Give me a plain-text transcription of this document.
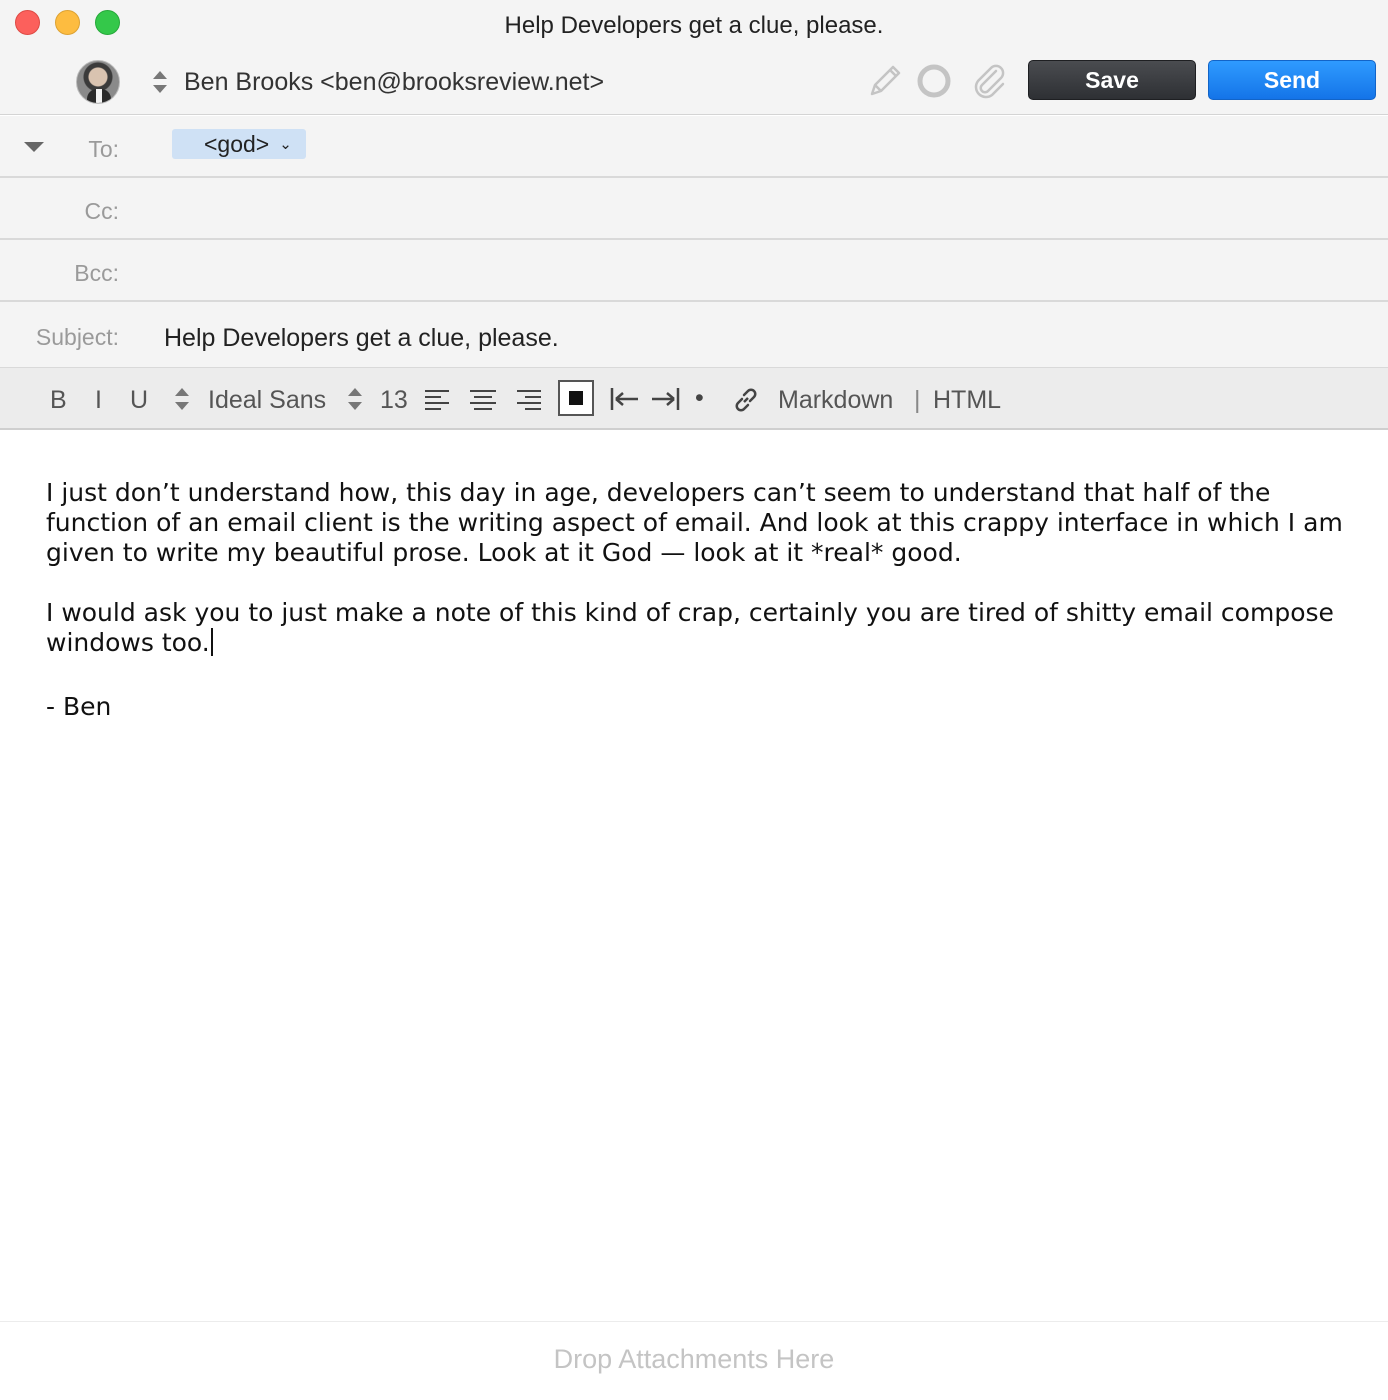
Help Developers get a clue, please.
Ben Brooks <ben@brooksreview.net>	Save	Send
To:	<god> ⌄
Cc:
Bcc:
Subject: Help Developers get a clue, please.
B I U Ideal Sans 13	•	Markdown | HTML

I just don’t understand how, this day in age, developers can’t seem to understand that half of the function of an email client is the writing aspect of email. And look at this crappy interface in which I am given to write my beautiful prose. Look at it God — look at it *real* good.

I would ask you to just make a note of this kind of crap, certainly you are tired of shitty email compose windows too.

- Ben

Drop Attachments Here
